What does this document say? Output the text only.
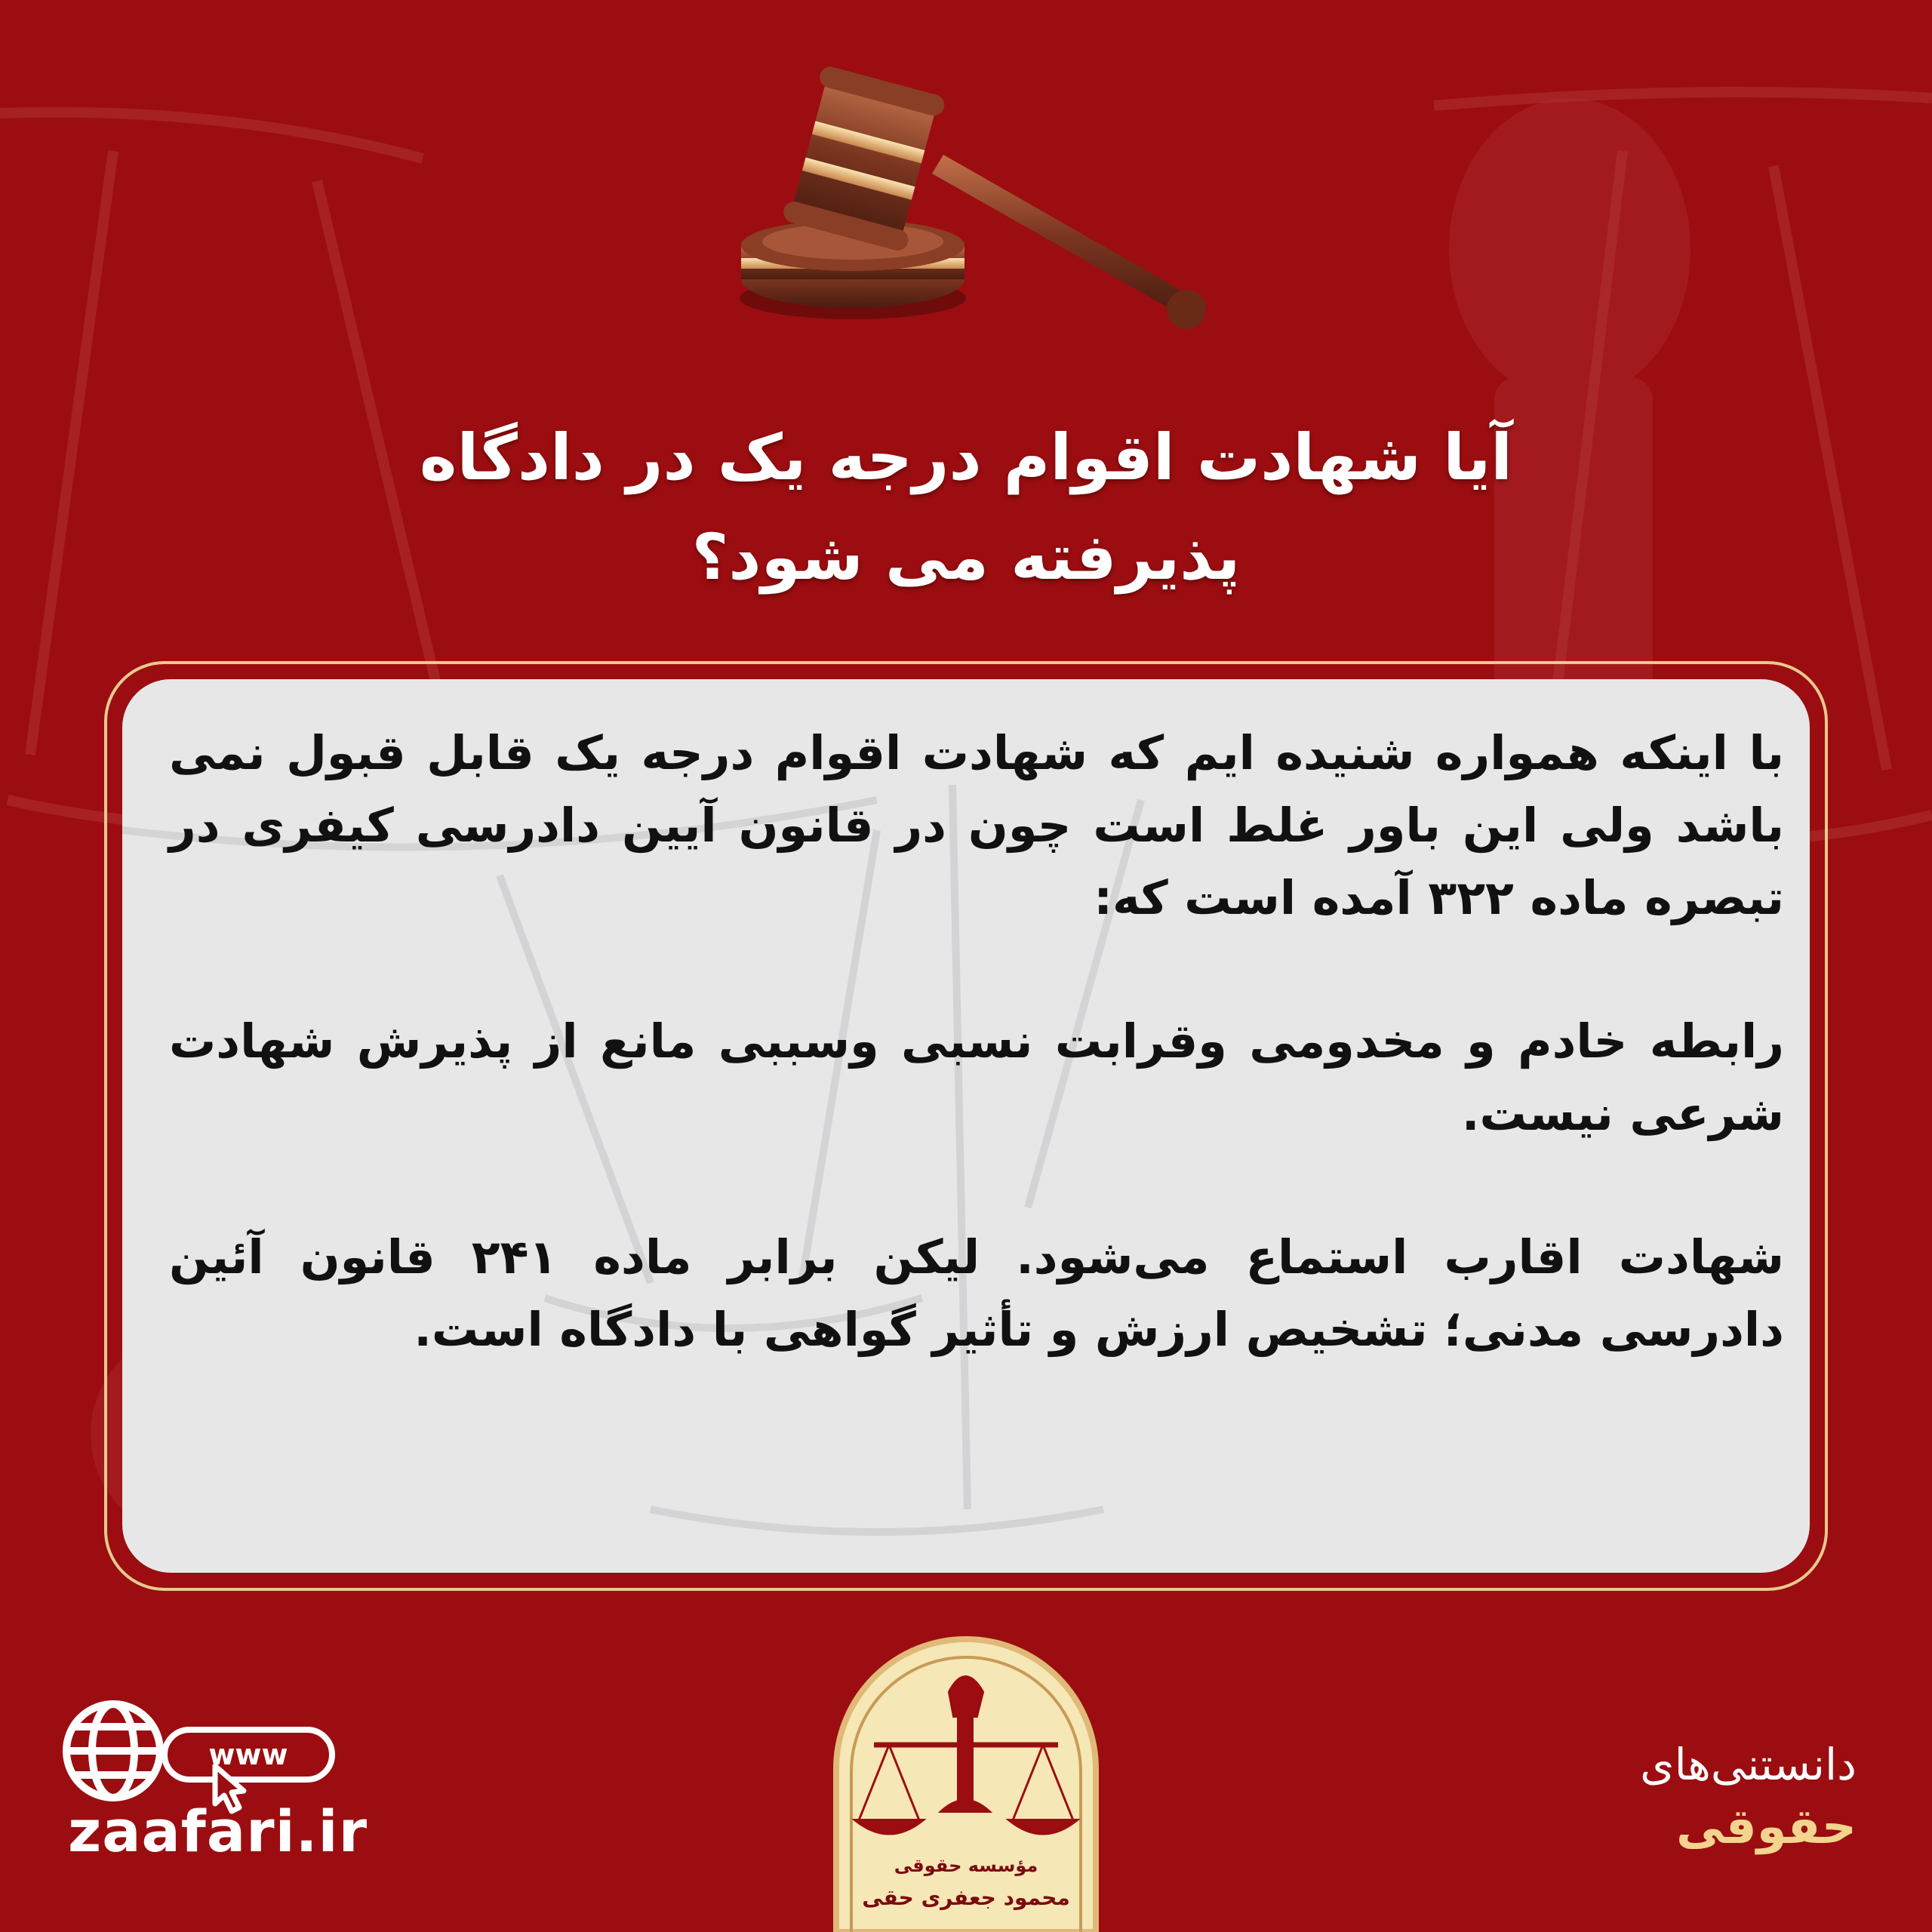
آیا شهادت اقوام درجه یک در دادگاه
پذیرفته می شود؟

با اینکه همواره شنیده ایم که شهادت اقوام درجه یک قابل قبول نمی باشد ولی این باور غلط است چون در قانون آیین دادرسی کیفری در تبصره ماده ۳۲۲ آمده است که:

رابطه خادم و مخدومی وقرابت نسبی وسببی مانع از پذیرش شهادت شرعی نیست.

شهادت اقارب استماع می‌شود. لیکن برابر ماده ۲۴۱ قانون آئین دادرسی مدنی؛ تشخیص ارزش و تأثیر گواهی با دادگاه است.

www
zaafari.ir
مؤسسه حقوقی
محمود جعفری حقی
دانستنی‌های
حقوقی
